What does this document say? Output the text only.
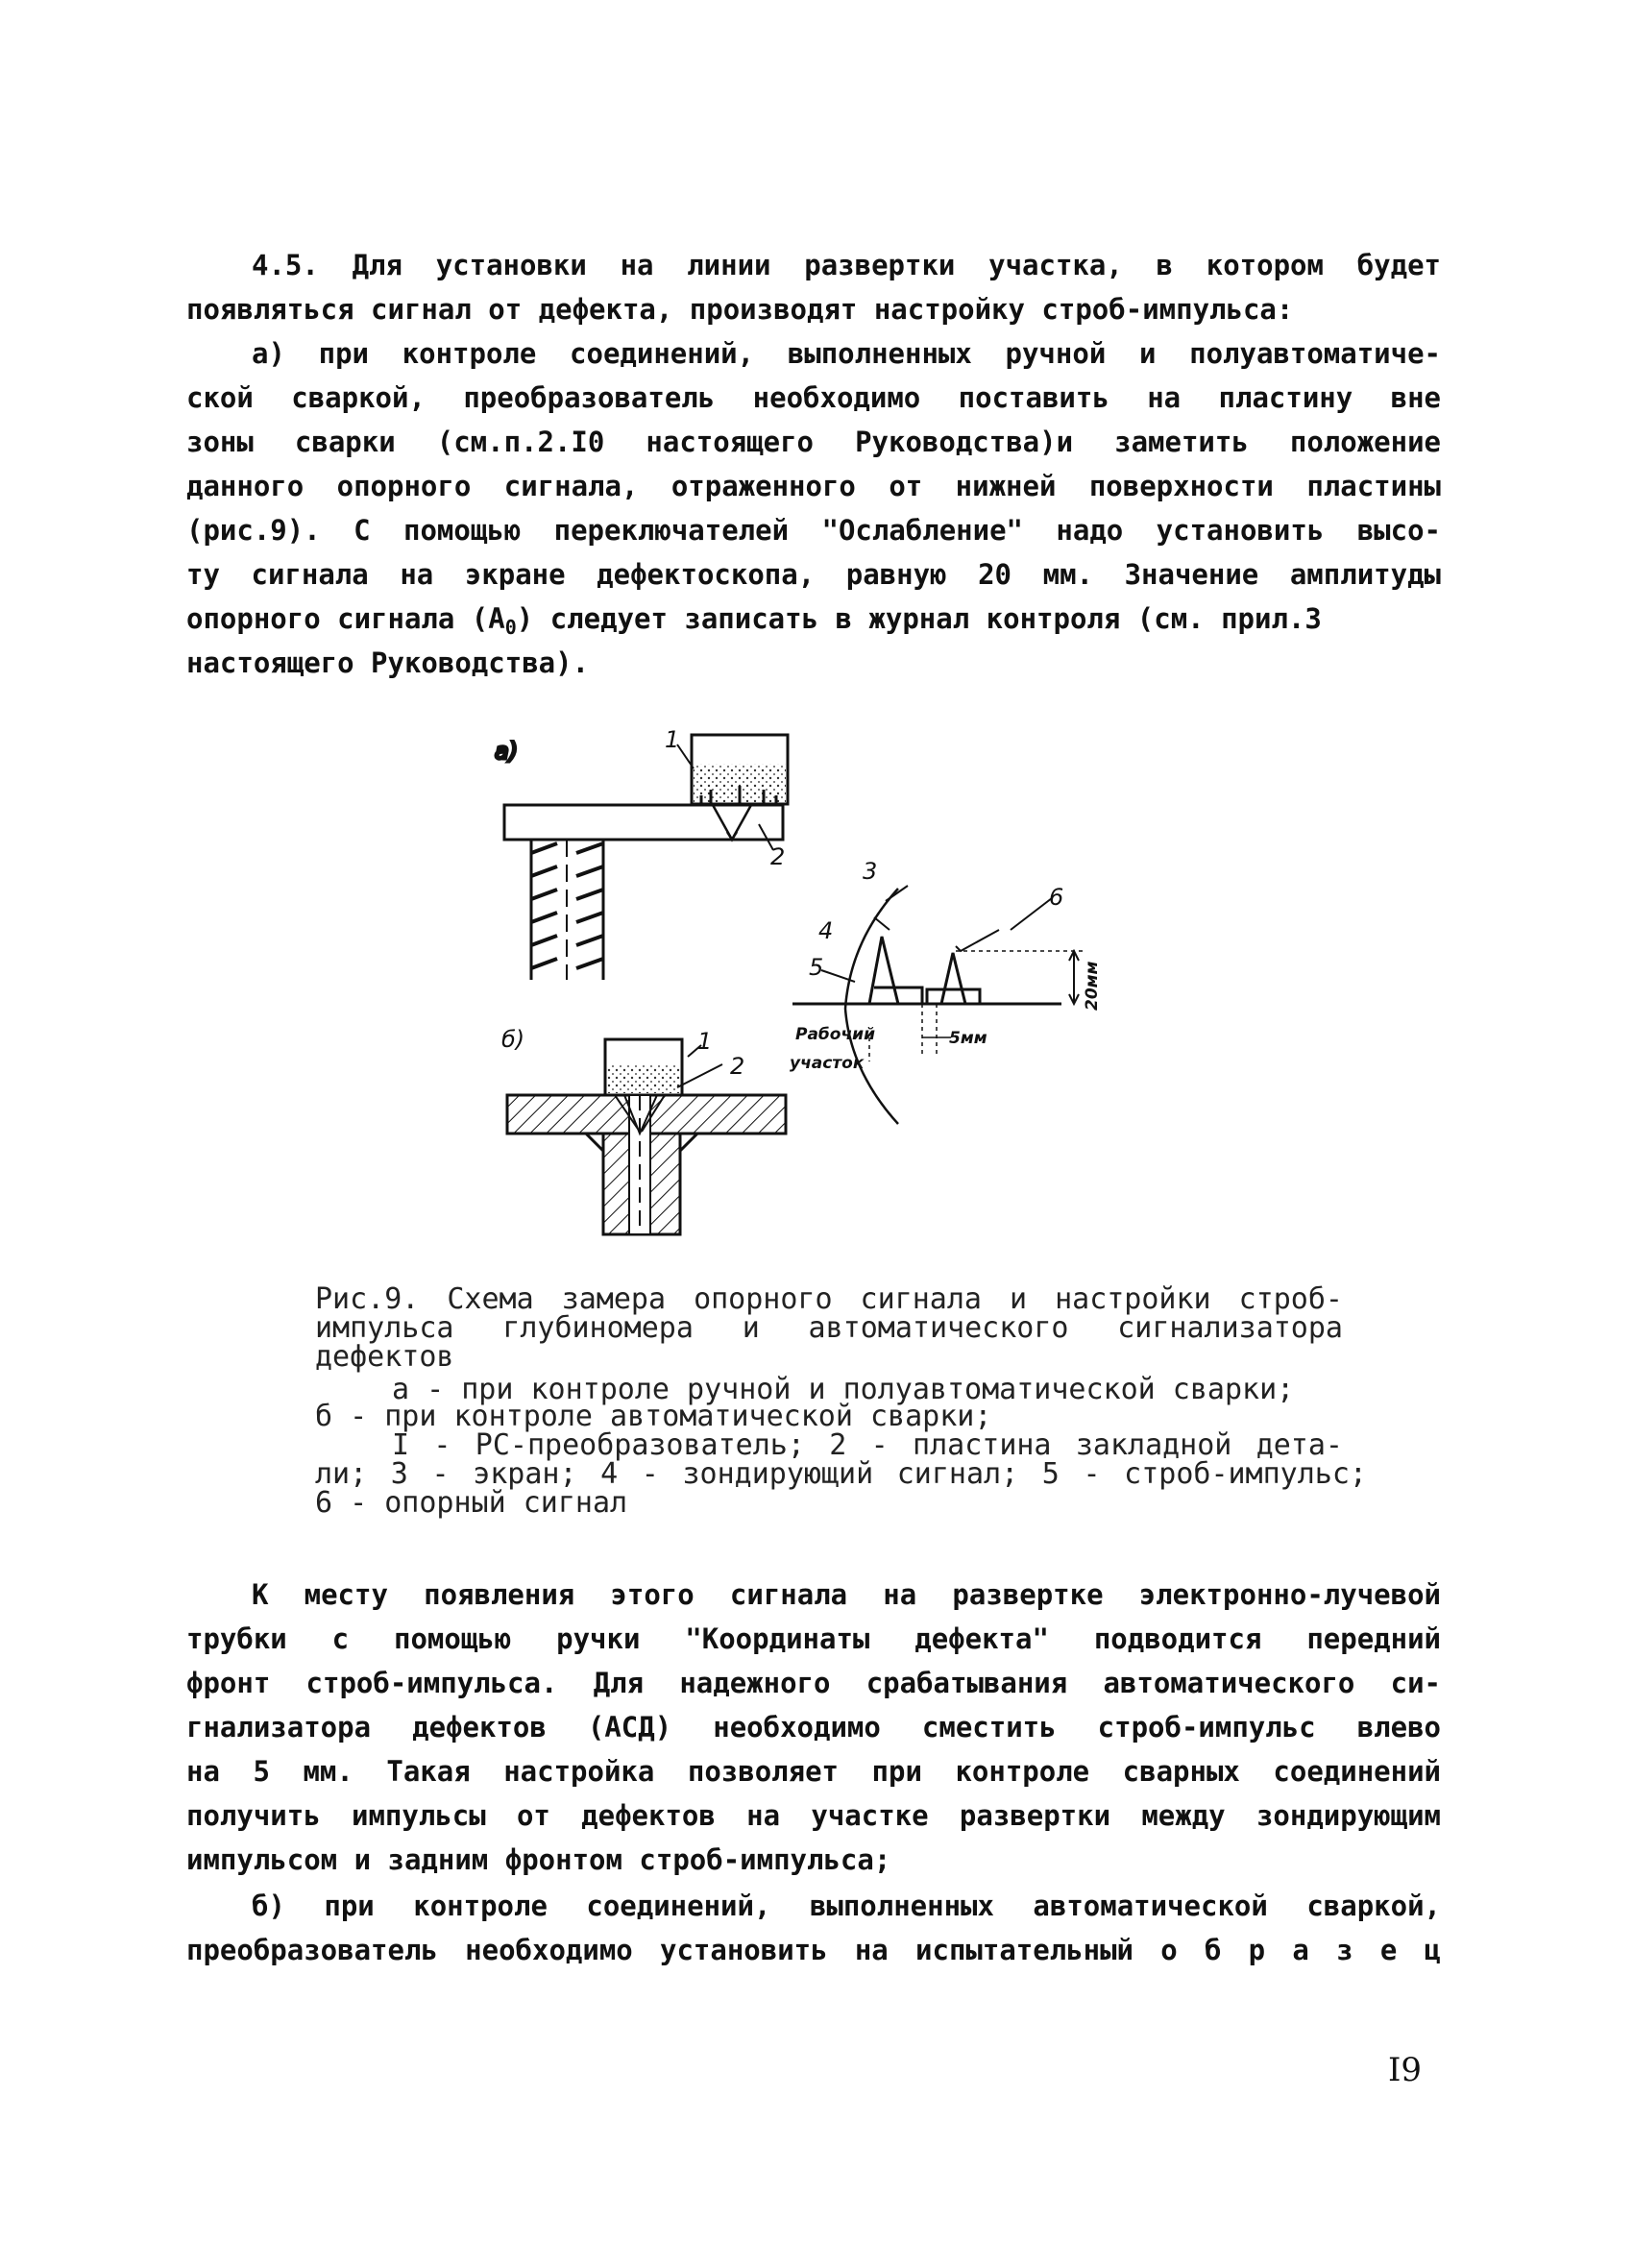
4.5. Для установки на линии развертки участка, в котором будет
появляться сигнал от дефекта, производят настройку строб-импульса:
а) при контроле соединений, выполненных ручной и полуавтоматиче-
ской сваркой, преобразователь необходимо поставить на пластину вне
зоны сварки (см.п.2.I0 настоящего Руководства)и заметить положение
данного опорного сигнала, отраженного от нижней поверхности пластины
(рис.9). С помощью переключателей "Ослабление" надо установить высо-
ту сигнала на экране дефектоскопа, равную 20 мм. Значение амплитуды
опорного сигнала $(А_0)$ следует записать в журнал контроля (см. прил.3
настоящего Руководства).
а)	1
2
б)	1
2
3
4
5
6
20мм
5мм
Рабочий
участок
Рис.9. Схема замера опорного сигнала и настройки строб-
импульса глубиномера и автоматического сигнализатора
дефектов
а - при контроле ручной и полуавтоматической сварки;
б - при контроле автоматической сварки;
I - РС-преобразователь; 2 - пластина закладной дета-
ли; 3 - экран; 4 - зондирующий сигнал; 5 - строб-импульс;
6 - опорный сигнал
К месту появления этого сигнала на развертке электронно-лучевой
трубки с помощью ручки "Координаты дефекта" подводится передний
фронт строб-импульса. Для надежного срабатывания автоматического си-
гнализатора дефектов (АСД) необходимо сместить строб-импульс влево
на 5 мм. Такая настройка позволяет при контроле сварных соединений
получить импульсы от дефектов на участке развертки между зондирующим
импульсом и задним фронтом строб-импульса;
б) при контроле соединений, выполненных автоматической сваркой,
преобразователь необходимо установить на испытательный о б р а з е ц
I9
